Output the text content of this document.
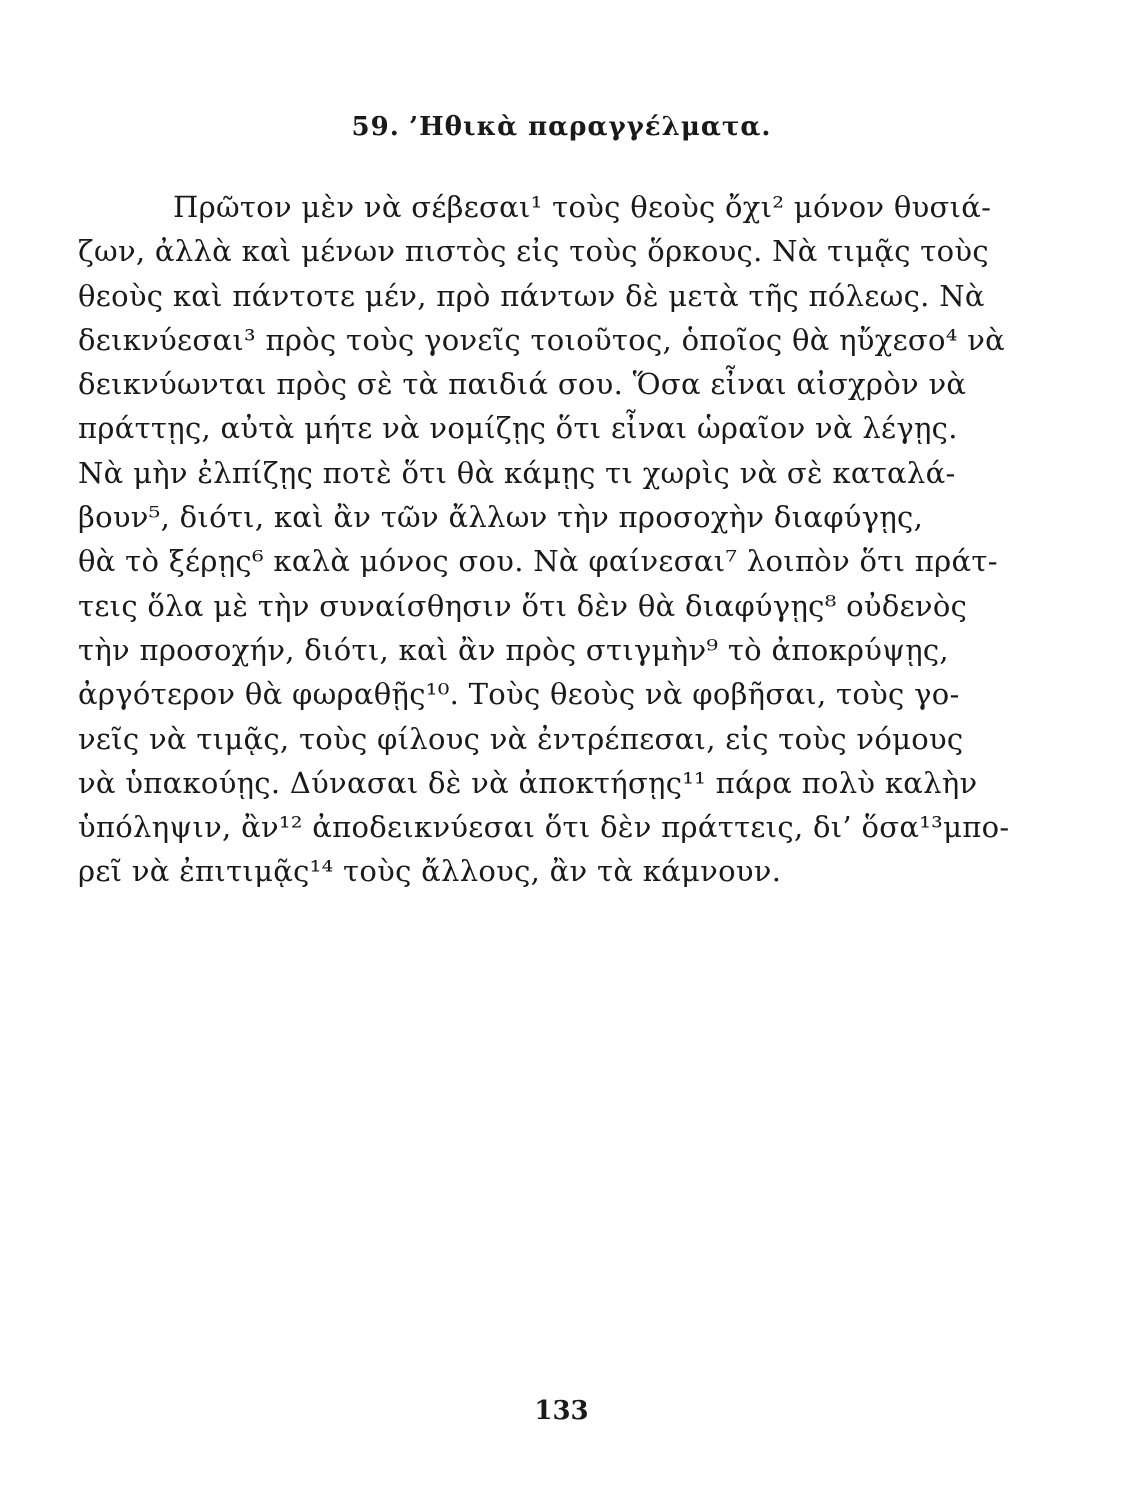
59. ’Ηθικὰ παραγγέλματα.
Πρῶτον μὲν νὰ σέβεσαι¹ τοὺς θεοὺς ὄχι² μόνον θυσιά-
ζων, ἀλλὰ καὶ μένων πιστὸς εἰς τοὺς ὅρκους. Νὰ τιμᾷς τοὺς
θεοὺς καὶ πάντοτε μέν, πρὸ πάντων δὲ μετὰ τῆς πόλεως. Νὰ
δεικνύεσαι³ πρὸς τοὺς γονεῖς τοιοῦτος, ὁποῖος θὰ ηὔχεσο⁴ νὰ
δεικνύωνται πρὸς σὲ τὰ παιδιά σου. Ὅσα εἶναι αἰσχρὸν νὰ
πράττῃς, αὐτὰ μήτε νὰ νομίζῃς ὅτι εἶναι ὡραῖον νὰ λέγῃς.
Νὰ μὴν ἐλπίζῃς ποτὲ ὅτι θὰ κάμῃς τι χωρὶς νὰ σὲ καταλά-
βουν⁵, διότι, καὶ ἂν τῶν ἄλλων τὴν προσοχὴν διαφύγῃς,
θὰ τὸ ξέρῃς⁶ καλὰ μόνος σου. Νὰ φαίνεσαι⁷ λοιπὸν ὅτι πράτ-
τεις ὅλα μὲ τὴν συναίσθησιν ὅτι δὲν θὰ διαφύγῃς⁸ οὐδενὸς
τὴν προσοχήν, διότι, καὶ ἂν πρὸς στιγμὴν⁹ τὸ ἀποκρύψῃς,
ἀργότερον θὰ φωραθῇς¹⁰. Τοὺς θεοὺς νὰ φοβῆσαι, τοὺς γο-
νεῖς νὰ τιμᾷς, τοὺς φίλους νὰ ἐντρέπεσαι, εἰς τοὺς νόμους
νὰ ὑπακούῃς. Δύνασαι δὲ νὰ ἀποκτήσῃς¹¹ πάρα πολὺ καλὴν
ὑπόληψιν, ἂν¹² ἀποδεικνύεσαι ὅτι δὲν πράττεις, δι’ ὅσα¹³μπο-
ρεῖ νὰ ἐπιτιμᾷς¹⁴ τοὺς ἄλλους, ἂν τὰ κάμνουν.
133
